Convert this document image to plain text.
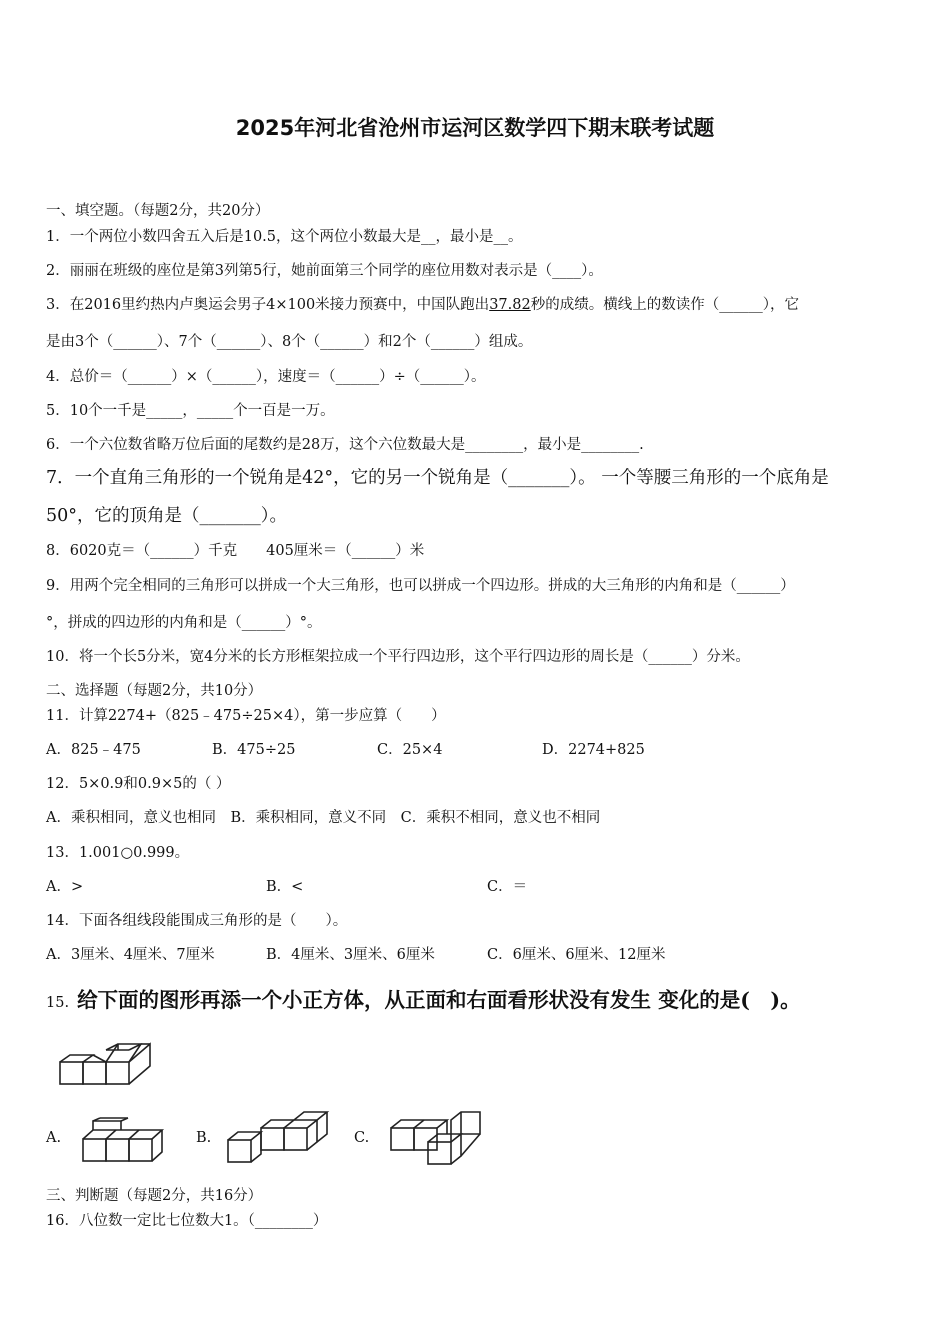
2025年河北省沧州市运河区数学四下期末联考试题
一、填空题。（每题2分，共20分）
1．一个两位小数四舍五入后是10.5，这个两位小数最大是__，最小是__。
2．丽丽在班级的座位是第3列第5行，她前面第三个同学的座位用数对表示是（____）。
3．在2016里约热内卢奥运会男子4×100米接力预赛中，中国队跑出37.82秒的成绩。横线上的数读作（______），它
是由3个（______）、7个（______）、8个（______）和2个（______）组成。
4．总价＝（______）×（______），速度＝（______）÷（______）。
5．10个一千是_____，_____个一百是一万。
6．一个六位数省略万位后面的尾数约是28万，这个六位数最大是________，最小是________.
7．一个直角三角形的一个锐角是42°，它的另一个锐角是（_______）。 一个等腰三角形的一个底角是
50°，它的顶角是（_______）。
8．6020克＝（______）千克　　405厘米＝（______）米
9．用两个完全相同的三角形可以拼成一个大三角形，也可以拼成一个四边形。拼成的大三角形的内角和是（______）
°，拼成的四边形的内角和是（______）°。
10．将一个长5分米，宽4分米的长方形框架拉成一个平行四边形，这个平行四边形的周长是（______）分米。
二、选择题（每题2分，共10分）
11．计算2274+（825﹣475÷25×4），第一步应算（　　）
A．825﹣475	B．475÷25	C．25×4	D．2274+825
12．5×0.9和0.9×5的（ ）
A．乘积相同，意义也相同　B．乘积相同，意义不同　C．乘积不相同，意义也不相同
13．1.001○0.999。
A．>	B．<	C．＝
14．下面各组线段能围成三角形的是（　　）。
A．3厘米、4厘米、7厘米	B．4厘米、3厘米、6厘米	C．6厘米、6厘米、12厘米
15. 给下面的图形再添一个小正方体，从正面和右面看形状没有发生 变化的是(　)。
A.	B.	C.
三、判断题（每题2分，共16分）
16．八位数一定比七位数大1。（________）
